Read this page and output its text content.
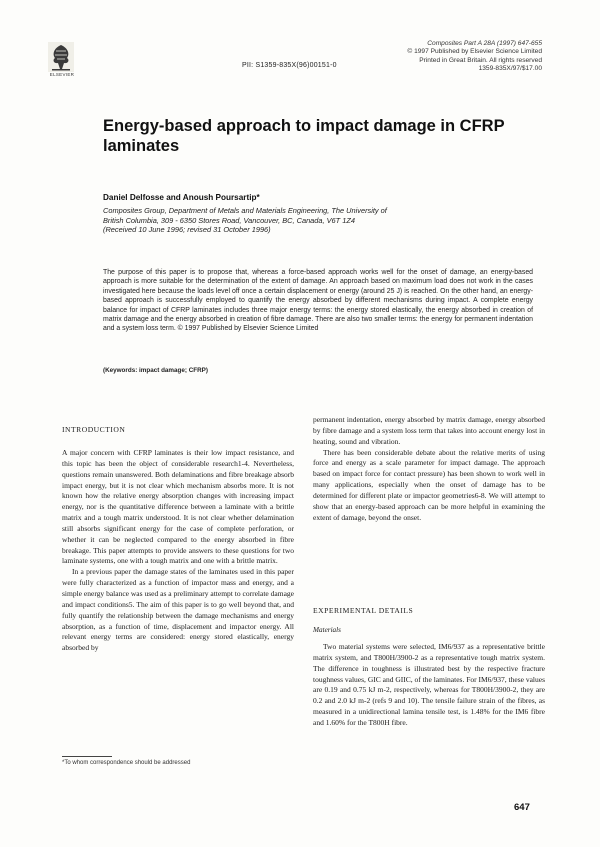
ELSEVIER
PII: S1359-835X(96)00151-0
Composites Part A 28A (1997) 647-655
© 1997 Published by Elsevier Science Limited
Printed in Great Britain. All rights reserved
1359-835X/97/$17.00
Energy-based approach to impact damage in CFRP laminates
Daniel Delfosse and Anoush Poursartip*
Composites Group, Department of Metals and Materials Engineering, The University of
British Columbia, 309 - 6350 Stores Road, Vancouver, BC, Canada, V6T 1Z4
(Received 10 June 1996; revised 31 October 1996)
The purpose of this paper is to propose that, whereas a force-based approach works well for the onset of damage, an energy-based approach is more suitable for the determination of the extent of damage. An approach based on maximum load does not work in the cases investigated here because the loads level off once a certain displacement or energy (around 25 J) is reached. On the other hand, an energy-based approach is successfully employed to quantify the energy absorbed by different mechanisms during impact. A complete energy balance for impact of CFRP laminates includes three major energy terms: the energy stored elastically, the energy absorbed in creation of matrix damage and the energy absorbed in creation of fibre damage. There are also two smaller terms: the energy for permanent indentation and a system loss term. © 1997 Published by Elsevier Science Limited
(Keywords: impact damage; CFRP)
INTRODUCTION

A major concern with CFRP laminates is their low impact resistance, and this topic has been the object of considerable research1-4. Nevertheless, questions remain unanswered. Both delaminations and fibre breakage absorb impact energy, but it is not clear which mechanism absorbs more. It is not known how the relative energy absorption changes with increasing impact energy, nor is the quantitative difference between a laminate with a brittle matrix and a tough matrix understood. It is not clear whether delamination still absorbs significant energy for the case of complete perforation, or whether it can be neglected compared to the energy absorbed in fibre breakage. This paper attempts to provide answers to these questions for two laminate systems, one with a tough matrix and one with a brittle matrix.

In a previous paper the damage states of the laminates used in this paper were fully characterized as a function of impactor mass and energy, and a simple energy balance was used as a preliminary attempt to correlate damage and impact conditions5. The aim of this paper is to go well beyond that, and fully quantify the relationship between the damage mechanisms and energy absorption, as a function of time, displacement and impactor energy. All relevant energy terms are considered: energy stored elastically, energy absorbed by

permanent indentation, energy absorbed by matrix damage, energy absorbed by fibre damage and a system loss term that takes into account energy lost in heating, sound and vibration.

There has been considerable debate about the relative merits of using force and energy as a scale parameter for impact damage. The approach based on impact force for contact pressure) has been shown to work well in many applications, especially when the onset of damage has to be determined for different plate or impactor geometries6-8. We will attempt to show that an energy-based approach can be more helpful in examining the extent of damage, beyond the onset.

EXPERIMENTAL DETAILS
Materials

Two material systems were selected, IM6/937 as a representative brittle matrix system, and T800H/3900-2 as a representative tough matrix system. The difference in toughness is illustrated best by the respective fracture toughness values, GIC and GIIC, of the laminates. For IM6/937, these values are 0.19 and 0.75 kJ m-2, respectively, whereas for T800H/3900-2, they are 0.2 and 2.0 kJ m-2 (refs 9 and 10). The tensile failure strain of the fibres, as measured in a unidirectional lamina tensile test, is 1.48% for the IM6 fibre and 1.60% for the T800H fibre.

*To whom correspondence should be addressed
647
